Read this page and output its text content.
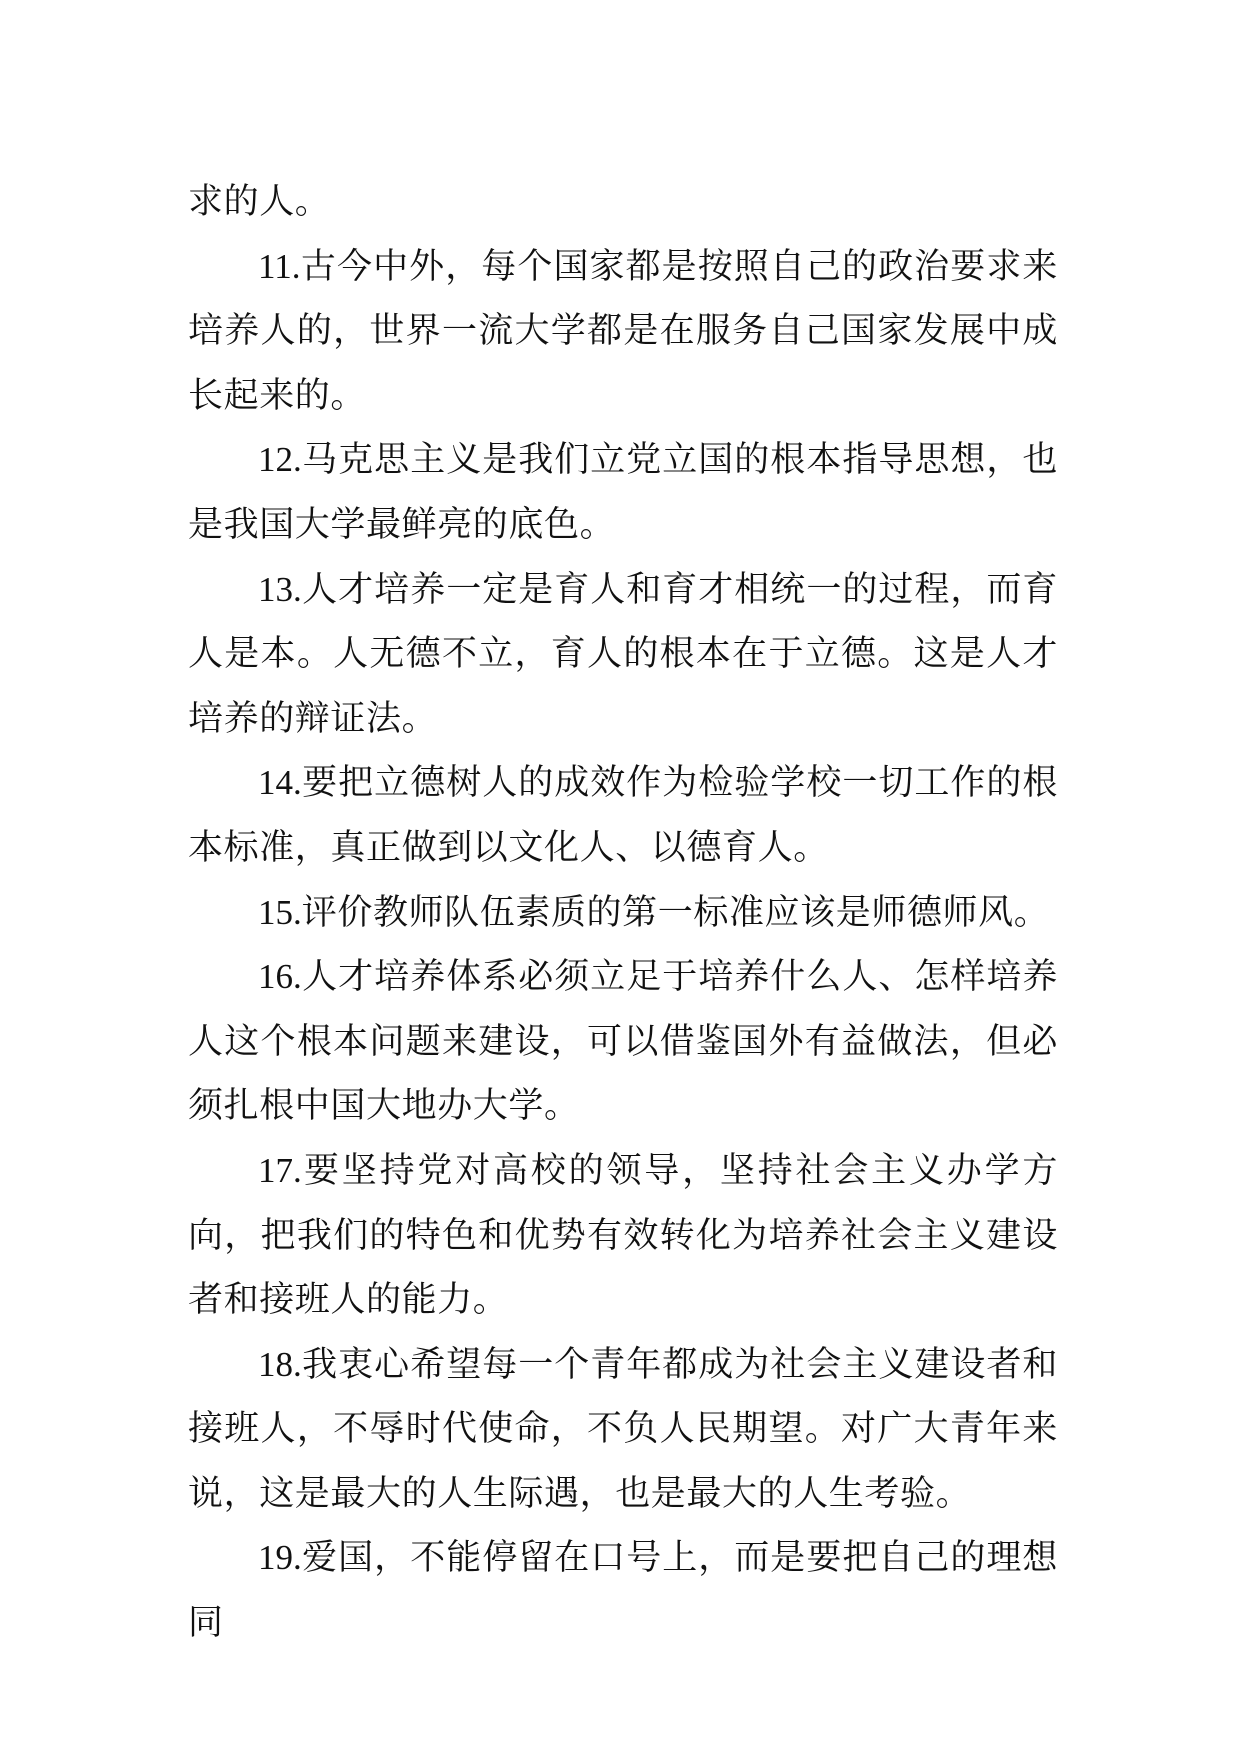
求的人。

11.古今中外，每个国家都是按照自己的政治要求来培养人的，世界一流大学都是在服务自己国家发展中成长起来的。

12.马克思主义是我们立党立国的根本指导思想，也是我国大学最鲜亮的底色。

13.人才培养一定是育人和育才相统一的过程，而育人是本。人无德不立，育人的根本在于立德。这是人才培养的辩证法。

14.要把立德树人的成效作为检验学校一切工作的根本标准，真正做到以文化人、以德育人。

15.评价教师队伍素质的第一标准应该是师德师风。

16.人才培养体系必须立足于培养什么人、怎样培养人这个根本问题来建设，可以借鉴国外有益做法，但必须扎根中国大地办大学。

17.要坚持党对高校的领导，坚持社会主义办学方向，把我们的特色和优势有效转化为培养社会主义建设者和接班人的能力。

18.我衷心希望每一个青年都成为社会主义建设者和接班人，不辱时代使命，不负人民期望。对广大青年来说，这是最大的人生际遇，也是最大的人生考验。

19.爱国，不能停留在口号上，而是要把自己的理想同
